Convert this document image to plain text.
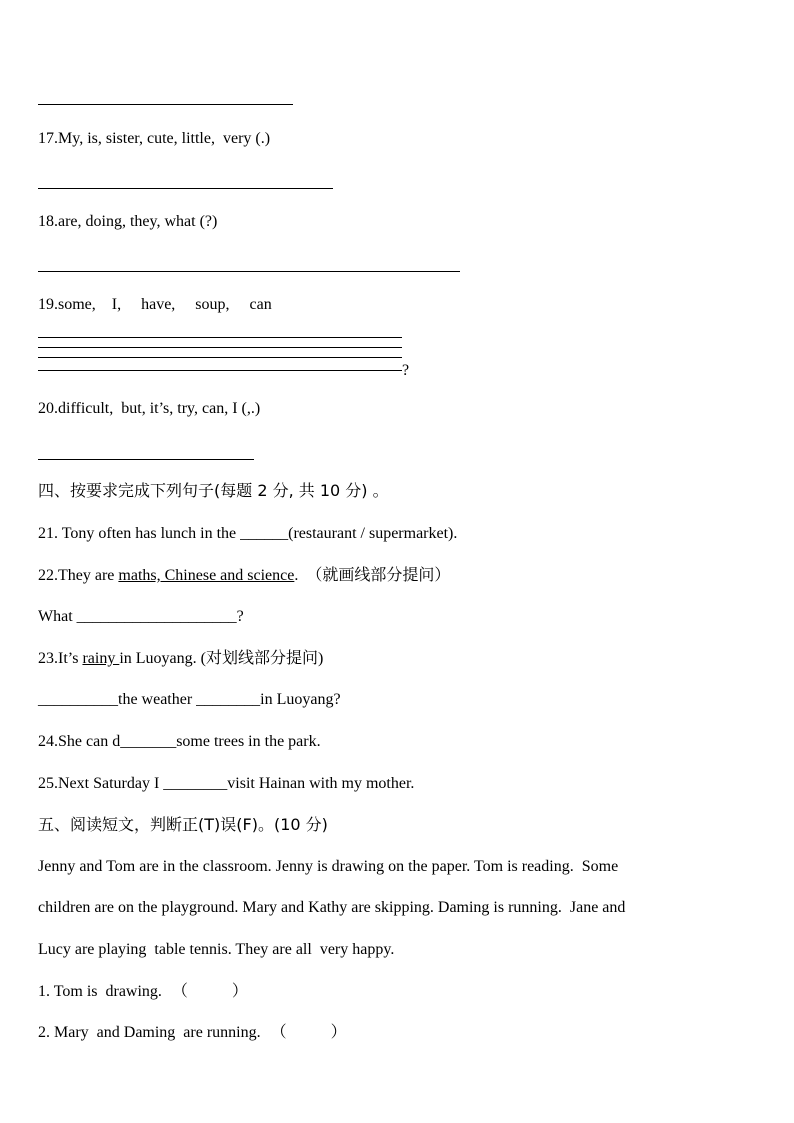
17.My, is, sister, cute, little,  very (.)
18.are, doing, they, what (?)
19.some,    I,     have,     soup,     can
?
20.difficult,  but, it’s, try, can, I (,.)
四、按要求完成下列句子(每题 2 分, 共 10 分) 。
21. Tony often has lunch in the ______(restaurant / supermarket).
22.They are maths, Chinese and science.  （就画线部分提问）
What ____________________?
23.It’s rainy in Luoyang. (对划线部分提问)
__________the weather ________in Luoyang?
24.She can d_______some trees in the park.
25.Next Saturday I ________visit Hainan with my mother.
五、阅读短文，判断正(T)误(F)。(10 分)
Jenny and Tom are in the classroom. Jenny is drawing on the paper. Tom is reading.  Some
children are on the playground. Mary and Kathy are skipping. Daming is running.  Jane and
Lucy are playing  table tennis. They are all  very happy.
1. Tom is  drawing. （           ）
2. Mary  and Daming  are running. （           ）
